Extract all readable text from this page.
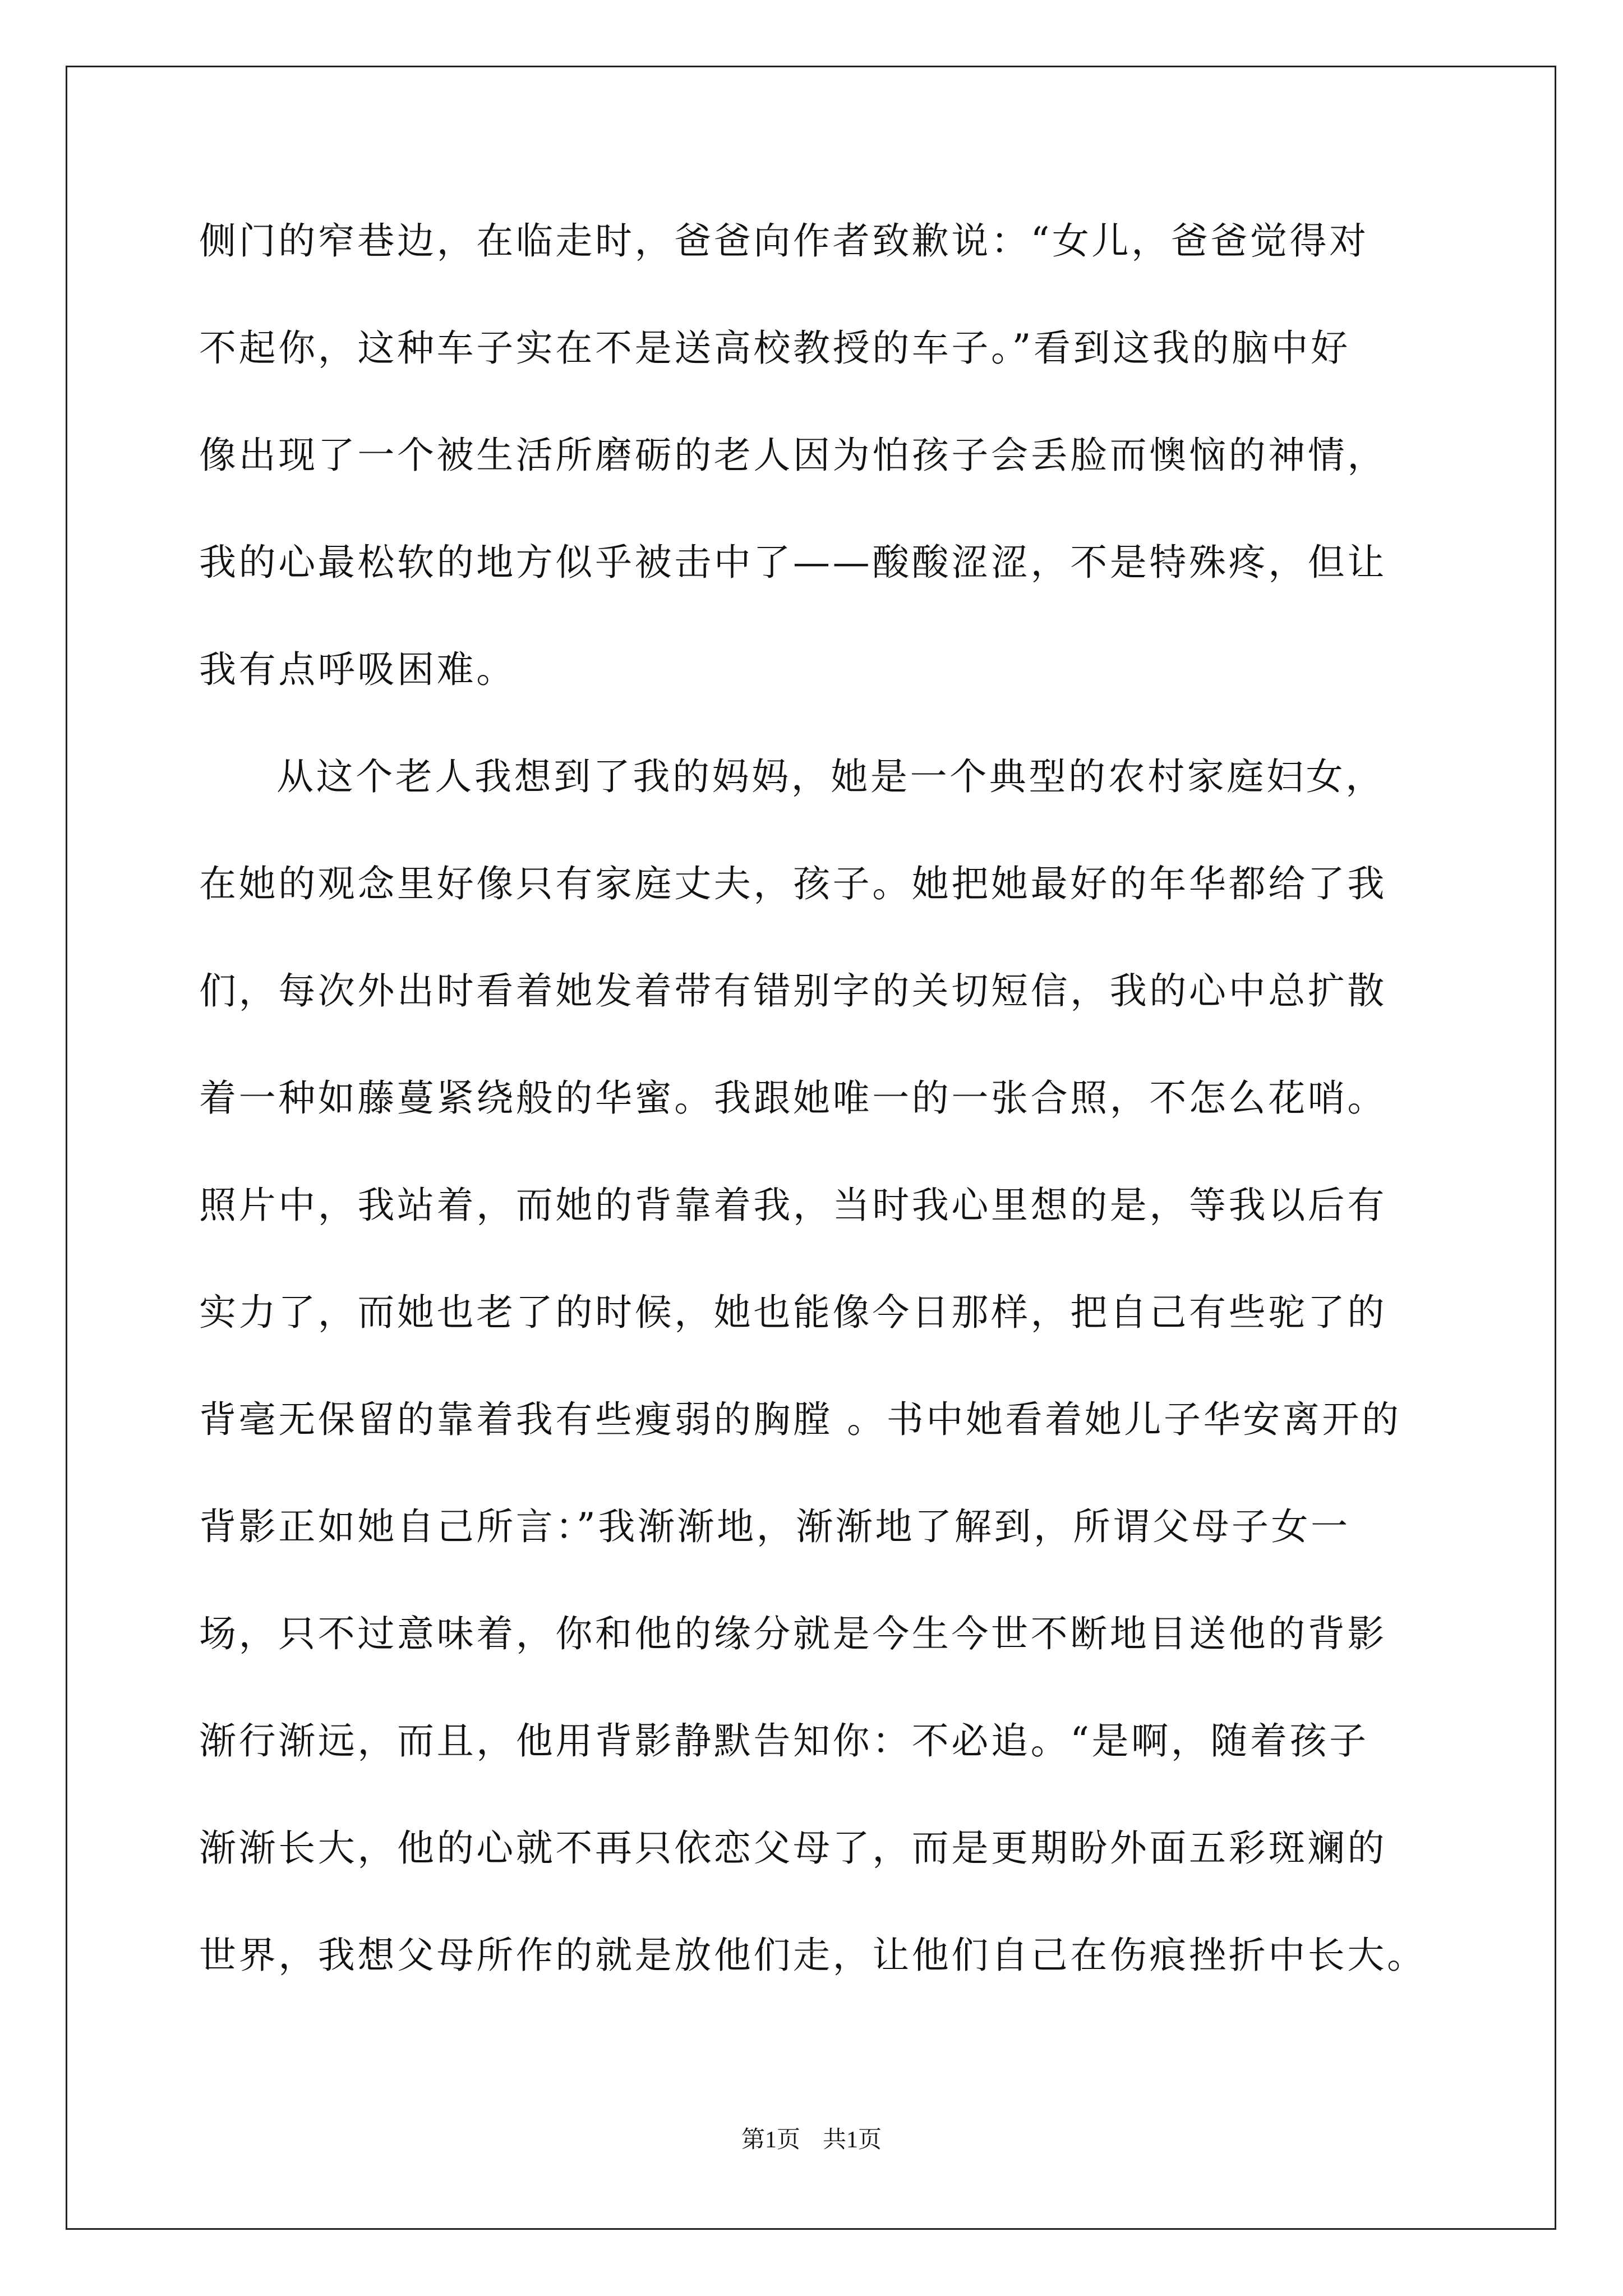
侧门的窄巷边，在临走时，爸爸向作者致歉说：“女儿，爸爸觉得对
不起你，这种车子实在不是送高校教授的车子。”看到这我的脑中好
像出现了一个被生活所磨砺的老人因为怕孩子会丢脸而懊恼的神情，
我的心最松软的地方似乎被击中了——酸酸涩涩，不是特殊疼，但让
我有点呼吸困难。
从这个老人我想到了我的妈妈，她是一个典型的农村家庭妇女，
在她的观念里好像只有家庭丈夫，孩子。她把她最好的年华都给了我
们，每次外出时看着她发着带有错别字的关切短信，我的心中总扩散
着一种如藤蔓紧绕般的华蜜。我跟她唯一的一张合照，不怎么花哨。
照片中，我站着，而她的背靠着我，当时我心里想的是，等我以后有
实力了，而她也老了的时候，她也能像今日那样，把自己有些驼了的
背毫无保留的靠着我有些瘦弱的胸膛 。书中她看着她儿子华安离开的
背影正如她自己所言：”我渐渐地，渐渐地了解到，所谓父母子女一
场，只不过意味着，你和他的缘分就是今生今世不断地目送他的背影
渐行渐远，而且，他用背影静默告知你：不必追。“是啊，随着孩子
渐渐长大，他的心就不再只依恋父母了，而是更期盼外面五彩斑斓的
世界，我想父母所作的就是放他们走，让他们自己在伤痕挫折中长大。
第1页 共1页
